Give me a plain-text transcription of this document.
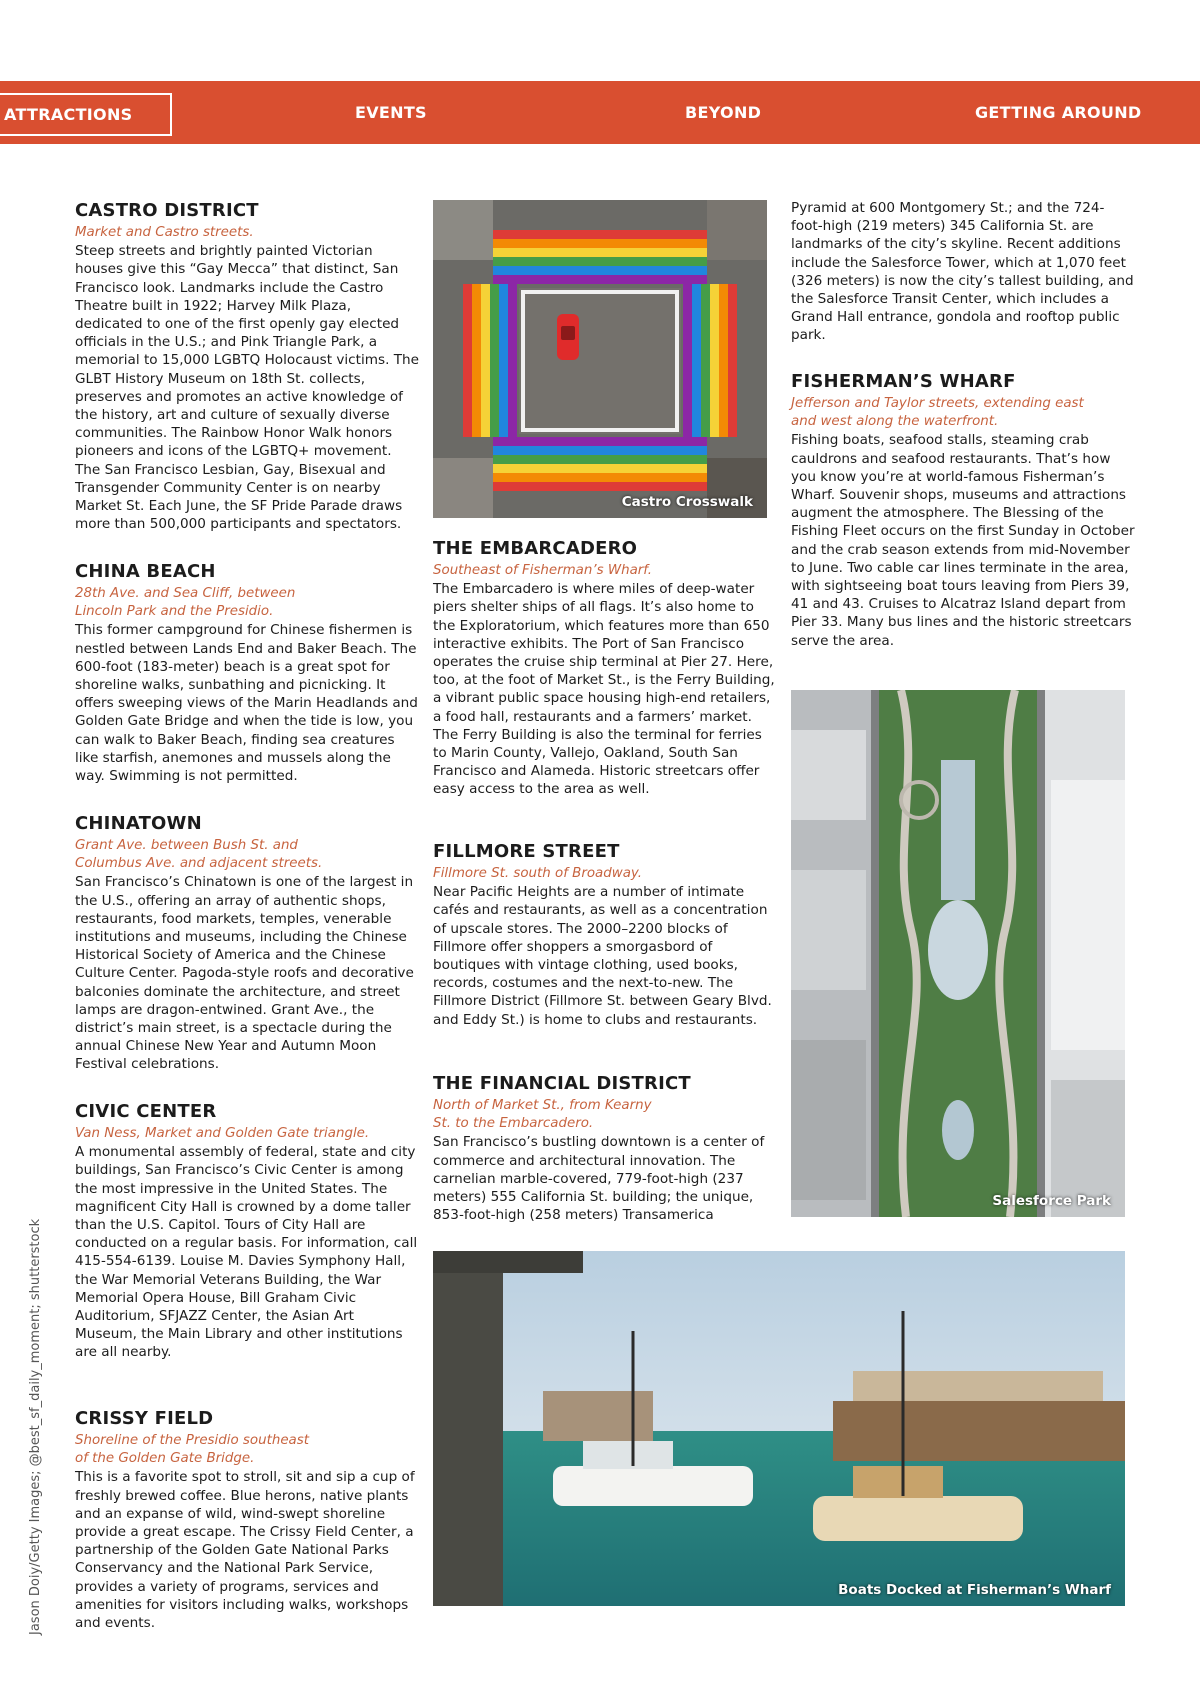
ATTRACTIONS	EVENTS	BEYOND	GETTING AROUND
CASTRO DISTRICT
Market and Castro streets.

Steep streets and brightly painted Victorian houses give this “Gay Mecca” that distinct, San Francisco look. Landmarks include the Castro Theatre built in 1922; Harvey Milk Plaza, dedicated to one of the first openly gay elected officials in the U.S.; and Pink Triangle Park, a memorial to 15,000 LGBTQ Holocaust victims. The GLBT History Museum on 18th St. collects, preserves and promotes an active knowledge of the history, art and culture of sexually diverse communities. The Rainbow Honor Walk honors pioneers and icons of the LGBTQ+ movement. The San Francisco Lesbian, Gay, Bisexual and Transgender Community Center is on nearby Market St. Each June, the SF Pride Parade draws more than 500,000 participants and spectators.

CHINA BEACH
28th Ave. and Sea Cliff, between Lincoln Park and the Presidio.

This former campground for Chinese fishermen is nestled between Lands End and Baker Beach. The 600-foot (183-meter) beach is a great spot for shoreline walks, sunbathing and picnicking. It offers sweeping views of the Marin Headlands and Golden Gate Bridge and when the tide is low, you can walk to Baker Beach, finding sea creatures like starfish, anemones and mussels along the way. Swimming is not permitted.

CHINATOWN
Grant Ave. between Bush St. and Columbus Ave. and adjacent streets.

San Francisco’s Chinatown is one of the largest in the U.S., offering an array of authentic shops, restaurants, food markets, temples, venerable institutions and museums, including the Chinese Historical Society of America and the Chinese Culture Center. Pagoda-style roofs and decorative balconies dominate the architecture, and street lamps are dragon-entwined. Grant Ave., the district’s main street, is a spectacle during the annual Chinese New Year and Autumn Moon Festival celebrations.

CIVIC CENTER
Van Ness, Market and Golden Gate triangle.

A monumental assembly of federal, state and city buildings, San Francisco’s Civic Center is among the most impressive in the United States. The magnificent City Hall is crowned by a dome taller than the U.S. Capitol. Tours of City Hall are conducted on a regular basis. For information, call 415-554-6139. Louise M. Davies Symphony Hall, the War Memorial Veterans Building, the War Memorial Opera House, Bill Graham Civic Auditorium, SFJAZZ Center, the Asian Art Museum, the Main Library and other institutions are all nearby.

CRISSY FIELD
Shoreline of the Presidio southeast of the Golden Gate Bridge.

This is a favorite spot to stroll, sit and sip a cup of freshly brewed coffee. Blue herons, native plants and an expanse of wild, wind-swept shoreline provide a great escape. The Crissy Field Center, a partnership of the Golden Gate National Parks Conservancy and the National Park Service, provides a variety of programs, services and amenities for visitors including walks, workshops and events.

Castro Crosswalk
THE EMBARCADERO
Southeast of Fisherman’s Wharf.

The Embarcadero is where miles of deep-water piers shelter ships of all flags. It’s also home to the Exploratorium, which features more than 650 interactive exhibits. The Port of San Francisco operates the cruise ship terminal at Pier 27. Here, too, at the foot of Market St., is the Ferry Building, a vibrant public space housing high-end retailers, a food hall, restaurants and a farmers’ market. The Ferry Building is also the terminal for ferries to Marin County, Vallejo, Oakland, South San Francisco and Alameda. Historic streetcars offer easy access to the area as well.

FILLMORE STREET
Fillmore St. south of Broadway.

Near Pacific Heights are a number of intimate cafés and restaurants, as well as a concentration of upscale stores. The 2000–2200 blocks of Fillmore offer shoppers a smorgasbord of boutiques with vintage clothing, used books, records, costumes and the next-to-new. The Fillmore District (Fillmore St. between Geary Blvd. and Eddy St.) is home to clubs and restaurants.

THE FINANCIAL DISTRICT
North of Market St., from Kearny St. to the Embarcadero.

San Francisco’s bustling downtown is a center of commerce and architectural innovation. The carnelian marble-covered, 779-foot-high (237 meters) 555 California St. building; the unique, 853-foot-high (258 meters) Transamerica

Pyramid at 600 Montgomery St.; and the 724-foot-high (219 meters) 345 California St. are landmarks of the city’s skyline. Recent additions include the Salesforce Tower, which at 1,070 feet (326 meters) is now the city’s tallest building, and the Salesforce Transit Center, which includes a Grand Hall entrance, gondola and rooftop public park.

FISHERMAN’S WHARF
Jefferson and Taylor streets, extending east and west along the waterfront.

Fishing boats, seafood stalls, steaming crab cauldrons and seafood restaurants. That’s how you know you’re at world-famous Fisherman’s Wharf. Souvenir shops, museums and attractions augment the atmosphere. The Blessing of the Fishing Fleet occurs on the first Sunday in October and the crab season extends from mid-November to June. Two cable car lines terminate in the area, with sightseeing boat tours leaving from Piers 39, 41 and 43. Cruises to Alcatraz Island depart from Pier 33. Many bus lines and the historic streetcars serve the area.

Salesforce Park
Boats Docked at Fisherman’s Wharf
Jason Doiy/Getty Images; @best_sf_daily_moment; shutterstock
